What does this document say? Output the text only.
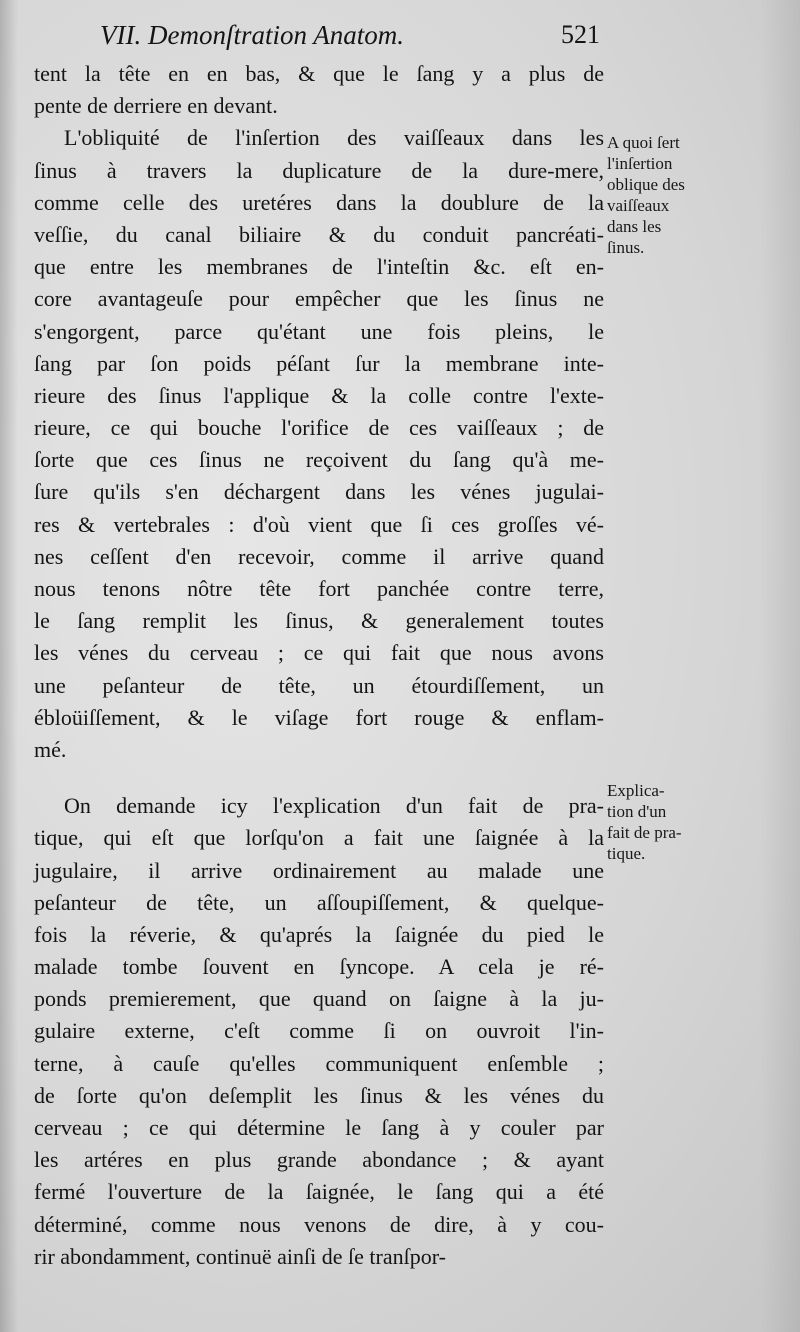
VII. Demonſtration Anatom.	521
tent la tête en en bas, & que le ſang y a plus de
pente de derriere en devant.
L'obliquité de l'inſertion des vaiſſeaux dans les
ſinus à travers la duplicature de la dure-mere,
comme celle des uretéres dans la doublure de la
veſſie, du canal biliaire & du conduit pancréati-
que entre les membranes de l'inteſtin &c. eſt en-
core avantageuſe pour empêcher que les ſinus ne
s'engorgent, parce qu'étant une fois pleins, le
ſang par ſon poids péſant ſur la membrane inte-
rieure des ſinus l'applique & la colle contre l'exte-
rieure, ce qui bouche l'orifice de ces vaiſſeaux ; de
ſorte que ces ſinus ne reçoivent du ſang qu'à me-
ſure qu'ils s'en déchargent dans les vénes jugulai-
res & vertebrales : d'où vient que ſi ces groſſes vé-
nes ceſſent d'en recevoir, comme il arrive quand
nous tenons nôtre tête fort panchée contre terre,
le ſang remplit les ſinus, & generalement toutes
les vénes du cerveau ; ce qui fait que nous avons
une peſanteur de tête, un étourdiſſement, un
ébloüiſſement, & le viſage fort rouge & enflam-
mé.
On demande icy l'explication d'un fait de pra-
tique, qui eſt que lorſqu'on a fait une ſaignée à la
jugulaire, il arrive ordinairement au malade une
peſanteur de tête, un aſſoupiſſement, & quelque-
fois la réverie, & qu'aprés la ſaignée du pied le
malade tombe ſouvent en ſyncope. A cela je ré-
ponds premierement, que quand on ſaigne à la ju-
gulaire externe, c'eſt comme ſi on ouvroit l'in-
terne, à cauſe qu'elles communiquent enſemble ;
de ſorte qu'on deſemplit les ſinus & les vénes du
cerveau ; ce qui détermine le ſang à y couler par
les artéres en plus grande abondance ; & ayant
fermé l'ouverture de la ſaignée, le ſang qui a été
déterminé, comme nous venons de dire, à y cou-
rir abondamment, continuë ainſi de ſe tranſpor-
A quoi ſert
l'inſertion
oblique des
vaiſſeaux
dans les
ſinus.
Explica-
tion d'un
fait de pra-
tique.
